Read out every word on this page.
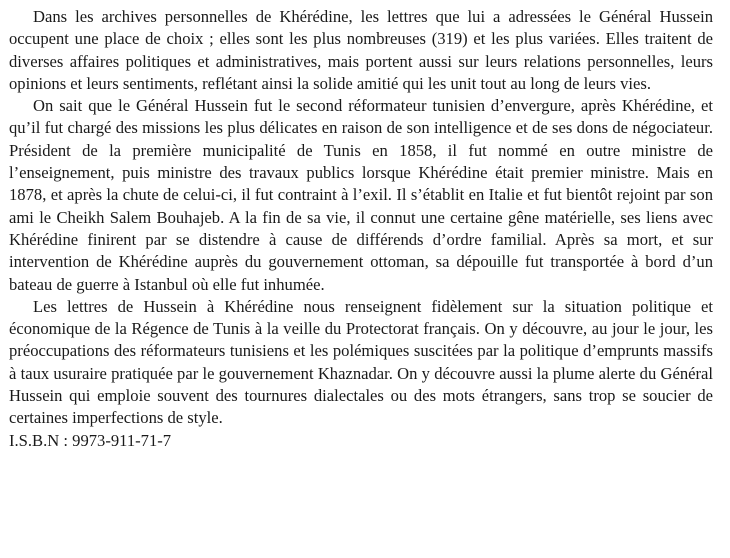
Dans les archives personnelles de Khérédine, les lettres que lui a adressées le Général Hussein occupent une place de choix ; elles sont les plus nombreuses (319) et les plus variées. Elles traitent de diverses affaires politiques et administratives, mais portent aussi sur leurs relations personnelles, leurs opinions et leurs sentiments, reflétant ainsi la solide amitié qui les unit tout au long de leurs vies.

On sait que le Général Hussein fut le second réformateur tunisien d’envergure, après Khérédine, et qu’il fut chargé des missions les plus délicates en raison de son intelligence et de ses dons de négociateur. Président de la première municipalité de Tunis en 1858, il fut nommé en outre ministre de l’enseignement, puis ministre des travaux publics lorsque Khérédine était premier ministre. Mais en 1878, et après la chute de celui-ci, il fut contraint à l’exil. Il s’établit en Italie et fut bientôt rejoint par son ami le Cheikh Salem Bouhajeb. A la fin de sa vie, il connut une certaine gêne matérielle, ses liens avec Khérédine finirent par se distendre à cause de différends d’ordre familial. Après sa mort, et sur intervention de Khérédine auprès du gouvernement ottoman, sa dépouille fut transportée à bord d’un bateau de guerre à Istanbul où elle fut inhumée.

Les lettres de Hussein à Khérédine nous renseignent fidèlement sur la situation politique et économique de la Régence de Tunis à la veille du Protectorat français. On y découvre, au jour le jour, les préoccupations des réformateurs tunisiens et les polémiques suscitées par la politique d’emprunts massifs à taux usuraire pratiquée par le gouvernement Khaznadar. On y découvre aussi la plume alerte du Général Hussein qui emploie souvent des tournures dialectales ou des mots étrangers, sans trop se soucier de certaines imperfections de style.

I.S.B.N : 9973-911-71-7
